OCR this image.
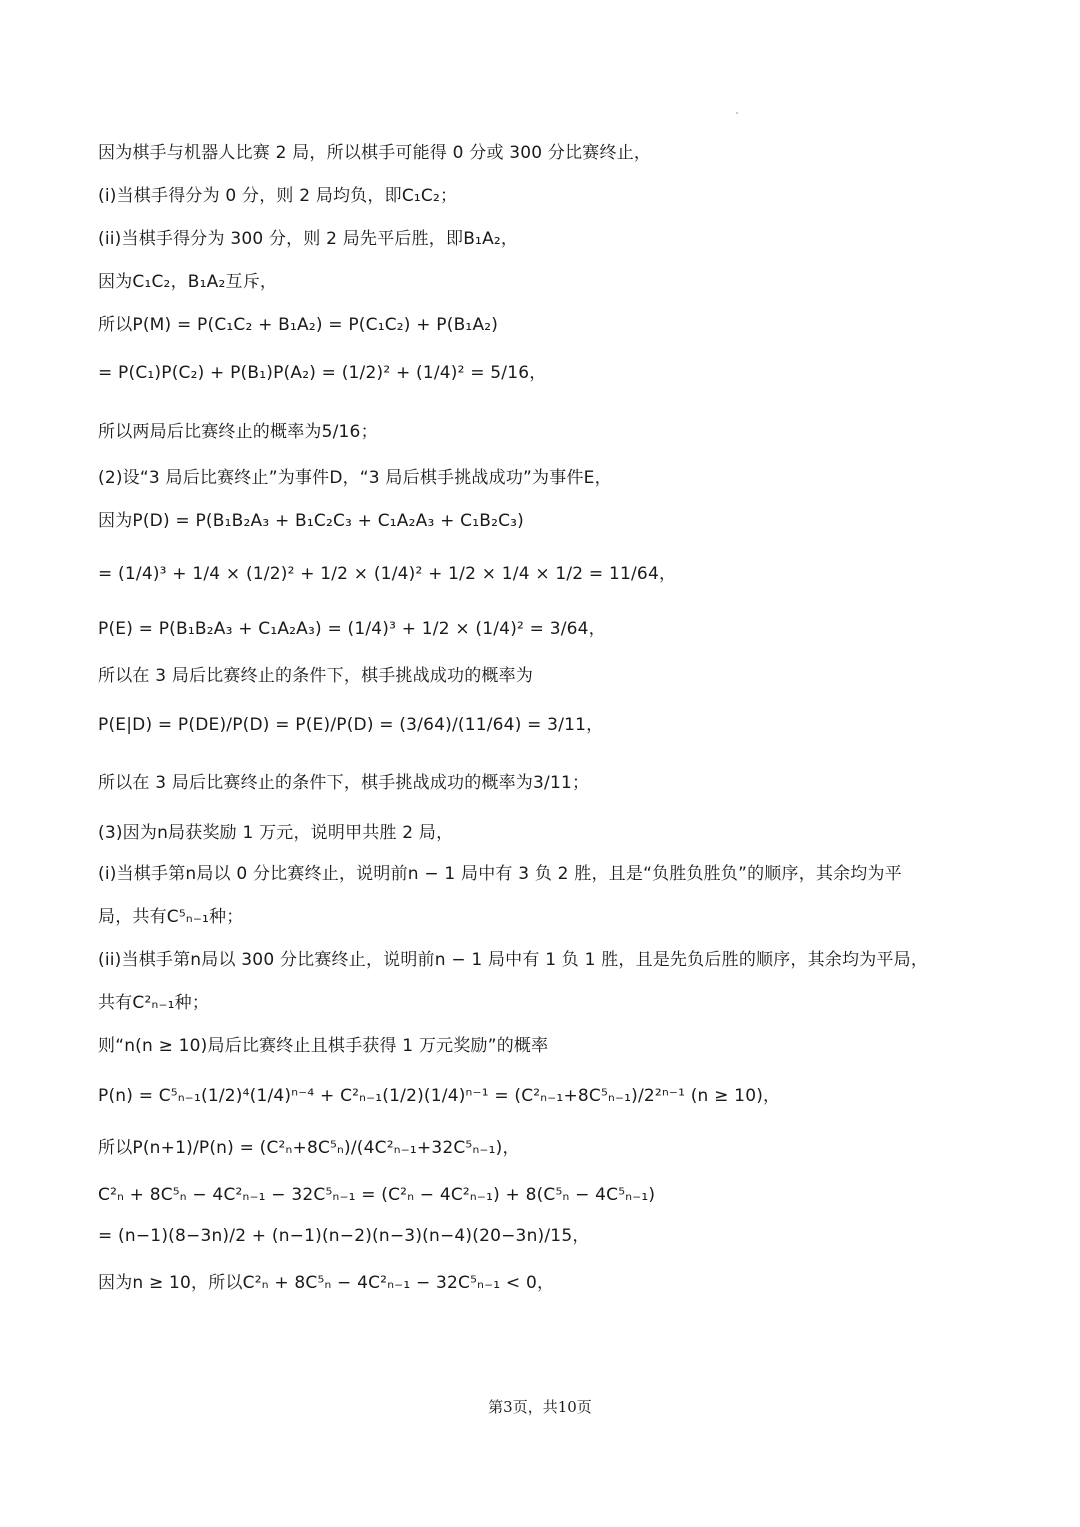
因为棋手与机器人比赛 2 局，所以棋手可能得 0 分或 300 分比赛终止，
(i)当棋手得分为 0 分，则 2 局均负，即C₁C₂；
(ii)当棋手得分为 300 分，则 2 局先平后胜，即B₁A₂，
因为C₁C₂，B₁A₂互斥，
所以P(M) = P(C₁C₂ + B₁A₂) = P(C₁C₂) + P(B₁A₂)
= P(C₁)P(C₂) + P(B₁)P(A₂) = (1/2)² + (1/4)² = 5/16，
所以两局后比赛终止的概率为5/16；
(2)设“3 局后比赛终止”为事件D，“3 局后棋手挑战成功”为事件E，
因为P(D) = P(B₁B₂A₃ + B₁C₂C₃ + C₁A₂A₃ + C₁B₂C₃)
= (1/4)³ + 1/4 × (1/2)² + 1/2 × (1/4)² + 1/2 × 1/4 × 1/2 = 11/64，
P(E) = P(B₁B₂A₃ + C₁A₂A₃) = (1/4)³ + 1/2 × (1/4)² = 3/64，
所以在 3 局后比赛终止的条件下，棋手挑战成功的概率为
P(E|D) = P(DE)/P(D) = P(E)/P(D) = (3/64)/(11/64) = 3/11，
所以在 3 局后比赛终止的条件下，棋手挑战成功的概率为3/11；
(3)因为n局获奖励 1 万元，说明甲共胜 2 局，
(i)当棋手第n局以 0 分比赛终止，说明前n − 1 局中有 3 负 2 胜，且是“负胜负胜负”的顺序，其余均为平
局，共有C⁵ₙ₋₁种；
(ii)当棋手第n局以 300 分比赛终止，说明前n − 1 局中有 1 负 1 胜，且是先负后胜的顺序，其余均为平局，
共有C²ₙ₋₁种；
则“n(n ≥ 10)局后比赛终止且棋手获得 1 万元奖励”的概率
P(n) = C⁵ₙ₋₁(1/2)⁴(1/4)ⁿ⁻⁴ + C²ₙ₋₁(1/2)(1/4)ⁿ⁻¹ = (C²ₙ₋₁+8C⁵ₙ₋₁)/2²ⁿ⁻¹ (n ≥ 10)，
所以P(n+1)/P(n) = (C²ₙ+8C⁵ₙ)/(4C²ₙ₋₁+32C⁵ₙ₋₁)，
C²ₙ + 8C⁵ₙ − 4C²ₙ₋₁ − 32C⁵ₙ₋₁ = (C²ₙ − 4C²ₙ₋₁) + 8(C⁵ₙ − 4C⁵ₙ₋₁)
= (n−1)(8−3n)/2 + (n−1)(n−2)(n−3)(n−4)(20−3n)/15，
因为n ≥ 10，所以C²ₙ + 8C⁵ₙ − 4C²ₙ₋₁ − 32C⁵ₙ₋₁ < 0，
第3页，共10页
